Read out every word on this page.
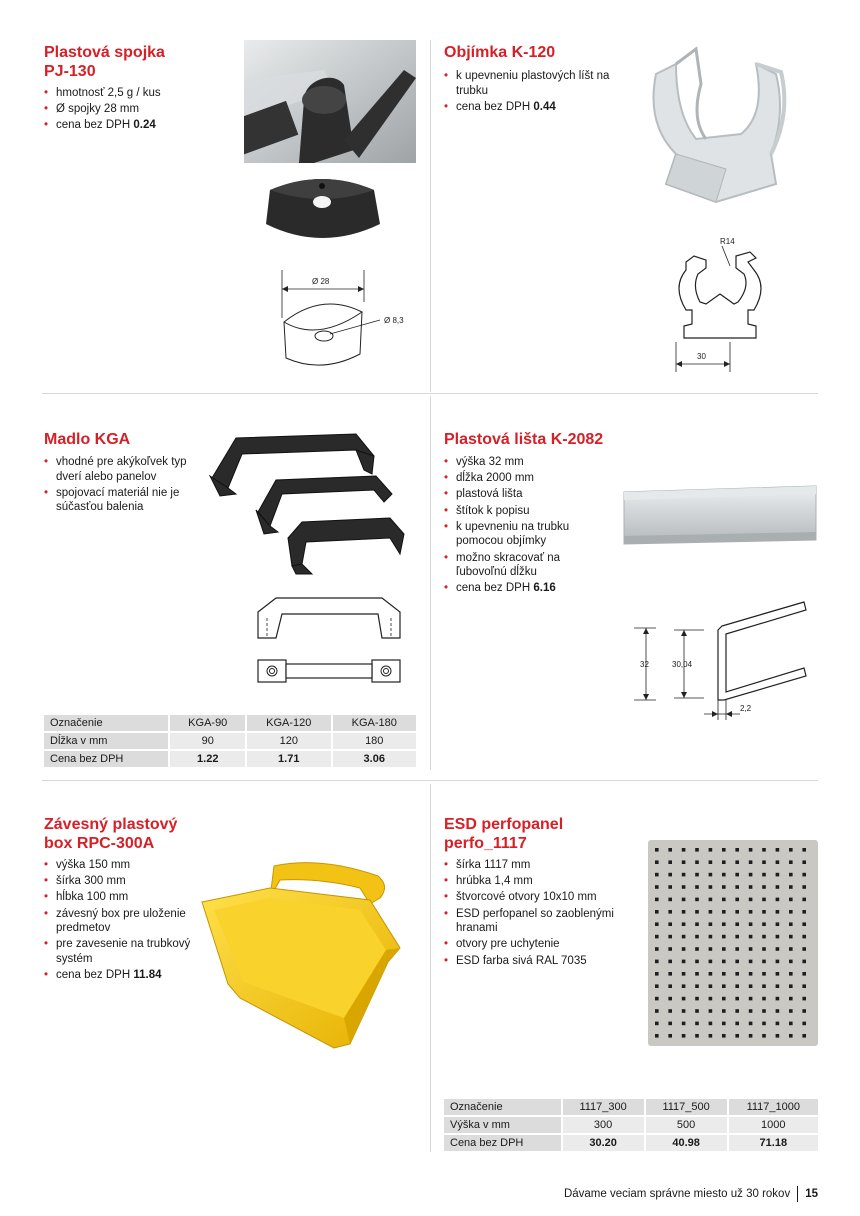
Plastová spojka
PJ-130
• hmotnosť 2,5 g / kus
• Ø spojky 28 mm
• cena bez DPH 0.24
Ø 28
Ø 8,3
Objímka K-120
• k upevneniu plastových líšt na trubku
• cena bez DPH 0.44
R14
30
Madlo KGA
• vhodné pre akýkoľvek typ dverí alebo panelov
• spojovací materiál nie je súčasťou balenia
Označenie	KGA-90	KGA-120	KGA-180
Dĺžka v mm	90	120	180
Cena bez DPH	1.22	1.71	3.06
Plastová lišta K-2082
• výška 32 mm
• dĺžka 2000 mm
• plastová lišta
• štítok k popisu
• k upevneniu na trubku pomocou objímky
• možno skracovať na ľubovoľnú dĺžku
• cena bez DPH 6.16
32	30,04
2,2
Závesný plastový
box RPC-300A
• výška 150 mm
• šírka 300 mm
• hĺbka 100 mm
• závesný box pre uloženie predmetov
• pre zavesenie na trubkový systém
• cena bez DPH 11.84
ESD perfopanel
perfo_1117
• šírka 1117 mm
• hrúbka 1,4 mm
• štvorcové otvory 10x10 mm
• ESD perfopanel so zaoblenými hranami
• otvory pre uchytenie
• ESD farba sivá RAL 7035
Označenie	1117_300	1117_500	1117_1000
Výška v mm	300	500	1000
Cena bez DPH	30.20	40.98	71.18
Dávame veciam správne miesto už 30 rokov 15
